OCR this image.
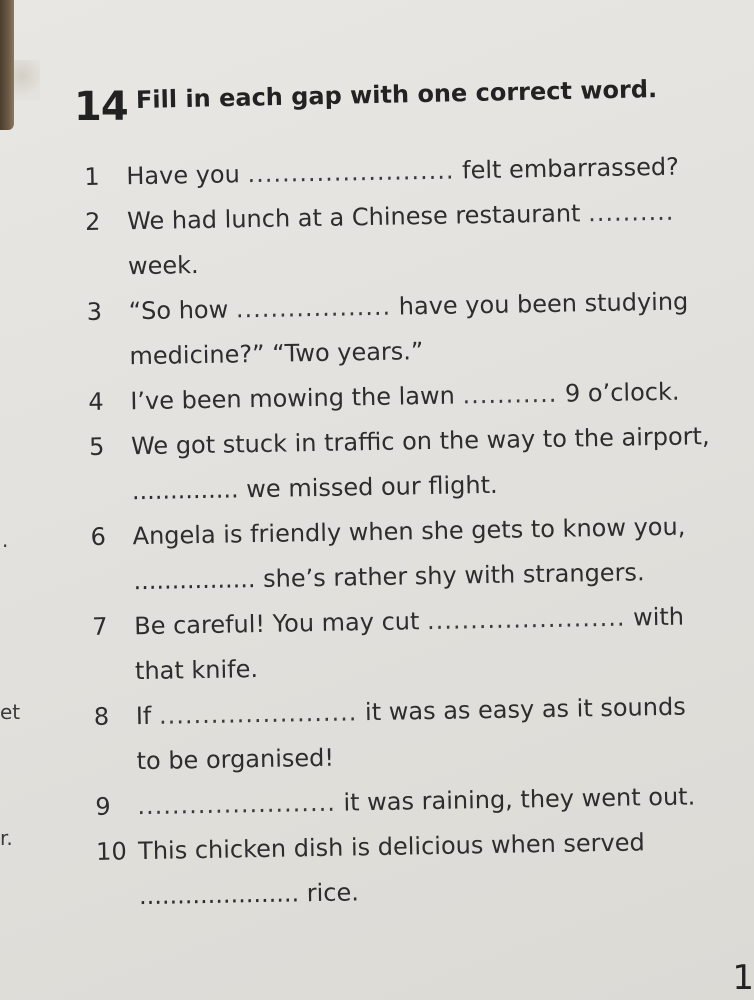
.
et
r.
14 Fill in each gap with one correct word.
1	Have you ........................ felt embarrassed?
2	We had lunch at a Chinese restaurant ..........
week.
3	“So how .................. have you been studying
medicine?” “Two years.”
4	I’ve been mowing the lawn ........... 9 o’clock.
5	We got stuck in traffic on the way to the airport,
.............. we missed our flight.
6	Angela is friendly when she gets to know you,
................ she’s rather shy with strangers.
7	Be careful! You may cut ....................... with
that knife.
8	If ....................... it was as easy as it sounds
to be organised!
9	....................... it was raining, they went out.
10 This chicken dish is delicious when served
..................... rice.
1
